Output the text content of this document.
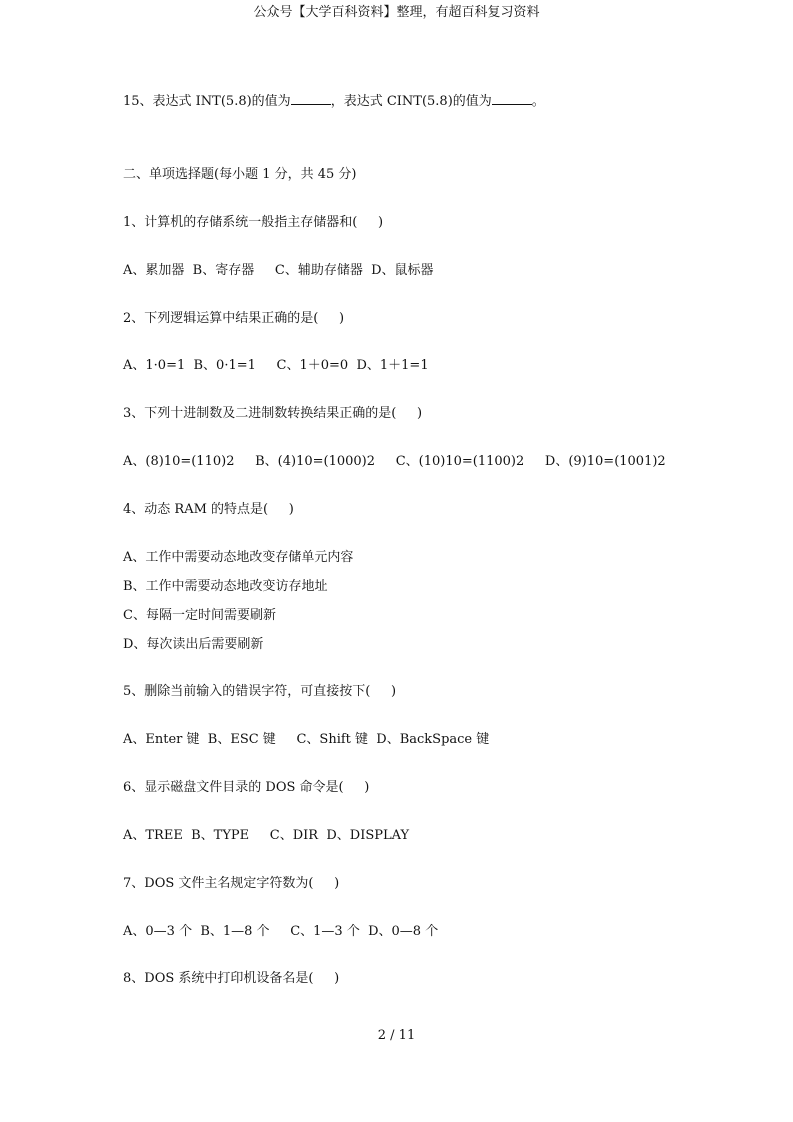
公众号【大学百科资料】整理，有超百科复习资料
15、表达式 INT(5.8)的值为	，表达式 CINT(5.8)的值为	。
二、单项选择题(每小题 1 分，共 45 分)
1、计算机的存储系统一般指主存储器和(     )
A、累加器  B、寄存器     C、辅助存储器  D、鼠标器
2、下列逻辑运算中结果正确的是(     )
A、1·0=1  B、0·1=1     C、1＋0=0  D、1＋1=1
3、下列十进制数及二进制数转换结果正确的是(     )
A、(8)10=(110)2     B、(4)10=(1000)2     C、(10)10=(1100)2     D、(9)10=(1001)2
4、动态 RAM 的特点是(     )
A、工作中需要动态地改变存储单元内容
B、工作中需要动态地改变访存地址
C、每隔一定时间需要刷新
D、每次读出后需要刷新
5、删除当前输入的错误字符，可直接按下(     )
A、Enter 键  B、ESC 键     C、Shift 键  D、BackSpace 键
6、显示磁盘文件目录的 DOS 命令是(     )
A、TREE  B、TYPE     C、DIR  D、DISPLAY
7、DOS 文件主名规定字符数为(     )
A、0—3 个  B、1—8 个     C、1—3 个  D、0—8 个
8、DOS 系统中打印机设备名是(     )
2 / 11
